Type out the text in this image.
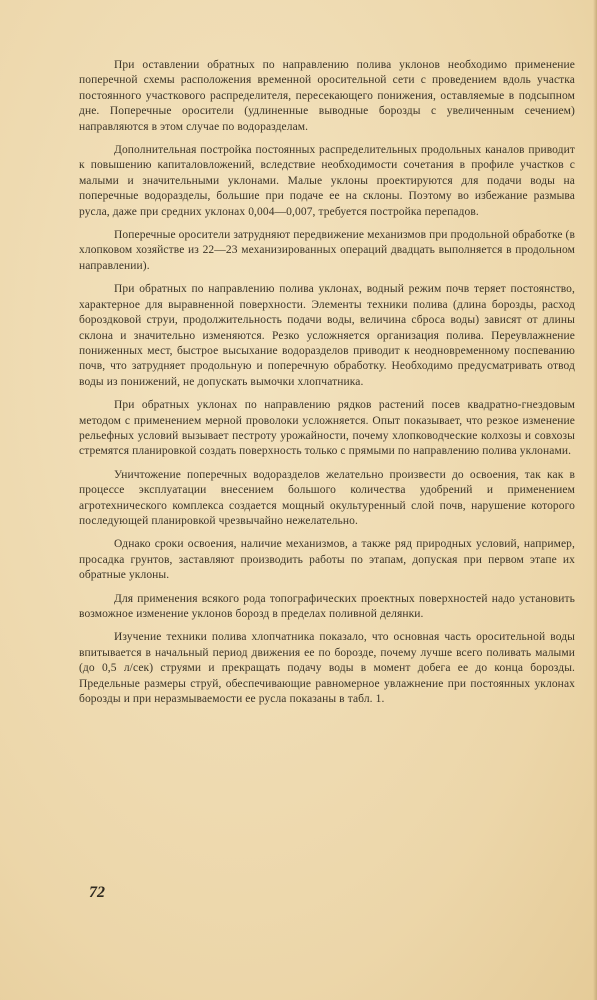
При оставлении обратных по направлению полива уклонов необходимо применение поперечной схемы расположения временной оросительной сети с проведением вдоль участка постоянного участкового распределителя, пересекающего понижения, оставляемые в подсыпном дне. Поперечные оросители (удлиненные выводные борозды с увеличенным сечением) направляются в этом случае по водоразделам.

Дополнительная постройка постоянных распределительных продольных каналов приводит к повышению капиталовложений, вследствие необходимости сочетания в профиле участков с малыми и значительными уклонами. Малые уклоны проектируются для подачи воды на поперечные водоразделы, большие при подаче ее на склоны. Поэтому во избежание размыва русла, даже при средних уклонах 0,004—0,007, требуется постройка перепадов.

Поперечные оросители затрудняют передвижение механизмов при продольной обработке (в хлопковом хозяйстве из 22—23 механизированных операций двадцать выполняется в продольном направлении).

При обратных по направлению полива уклонах, водный режим почв теряет постоянство, характерное для выравненной поверхности. Элементы техники полива (длина борозды, расход бороздковой струи, продолжительность подачи воды, величина сброса воды) зависят от длины склона и значительно изменяются. Резко усложняется организация полива. Переувлажнение пониженных мест, быстрое высыхание водоразделов приводит к неодновременному поспеванию почв, что затрудняет продольную и поперечную обработку. Необходимо предусматривать отвод воды из понижений, не допускать вымочки хлопчатника.

При обратных уклонах по направлению рядков растений посев квадратно-гнездовым методом с применением мерной проволоки усложняется. Опыт показывает, что резкое изменение рельефных условий вызывает пестроту урожайности, почему хлопководческие колхозы и совхозы стремятся планировкой создать поверхность только с прямыми по направлению полива уклонами.

Уничтожение поперечных водоразделов желательно произвести до освоения, так как в процессе эксплуатации внесением большого количества удобрений и применением агротехнического комплекса создается мощный окультуренный слой почв, нарушение которого последующей планировкой чрезвычайно нежелательно.

Однако сроки освоения, наличие механизмов, а также ряд природных условий, например, просадка грунтов, заставляют производить работы по этапам, допуская при первом этапе их обратные уклоны.

Для применения всякого рода топографических проектных поверхностей надо установить возможное изменение уклонов борозд в пределах поливной делянки.

Изучение техники полива хлопчатника показало, что основная часть оросительной воды впитывается в начальный период движения ее по борозде, почему лучше всего поливать малыми (до 0,5 л/сек) струями и прекращать подачу воды в момент добега ее до конца борозды. Предельные размеры струй, обеспечивающие равномерное увлажнение при постоянных уклонах борозды и при неразмываемости ее русла показаны в табл. 1.

72
